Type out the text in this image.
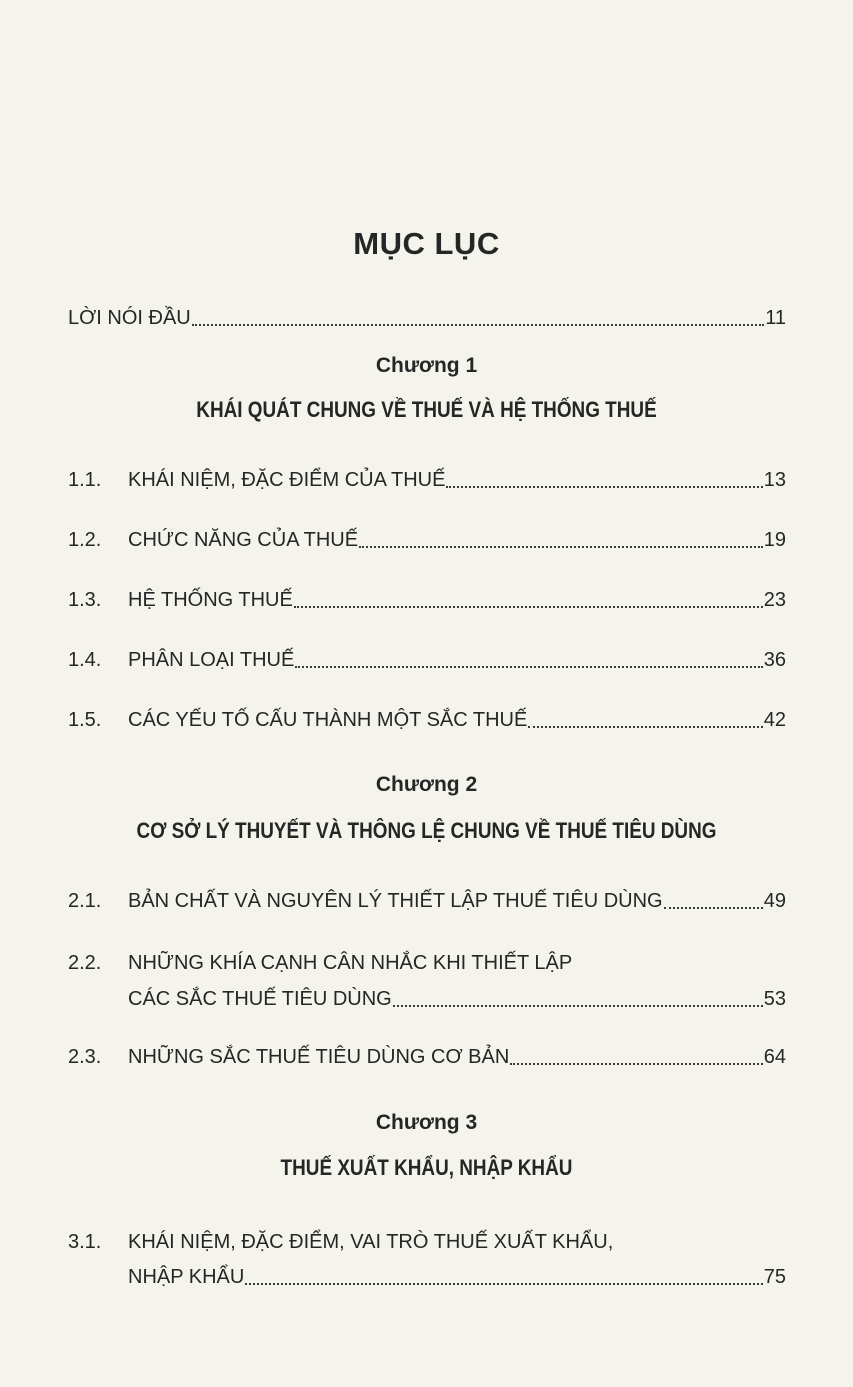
MỤC LỤC
LỜI NÓI ĐẦU	11
Chương 1
KHÁI QUÁT CHUNG VỀ THUẾ VÀ HỆ THỐNG THUẾ
1.1. KHÁI NIỆM, ĐẶC ĐIỂM CỦA THUẾ	13
1.2. CHỨC NĂNG CỦA THUẾ	19
1.3. HỆ THỐNG THUẾ	23
1.4. PHÂN LOẠI THUẾ	36
1.5. CÁC YẾU TỐ CẤU THÀNH MỘT SẮC THUẾ	42
Chương 2
CƠ SỞ LÝ THUYẾT VÀ THÔNG LỆ CHUNG VỀ THUẾ TIÊU DÙNG
2.1. BẢN CHẤT VÀ NGUYÊN LÝ THIẾT LẬP THUẾ TIÊU DÙNG	49
2.2. NHỮNG KHÍA CẠNH CÂN NHẮC KHI THIẾT LẬP
CÁC SẮC THUẾ TIÊU DÙNG	53
2.3. NHỮNG SẮC THUẾ TIÊU DÙNG CƠ BẢN	64
Chương 3
THUẾ XUẤT KHẨU, NHẬP KHẨU
3.1. KHÁI NIỆM, ĐẶC ĐIỂM, VAI TRÒ THUẾ XUẤT KHẨU,
NHẬP KHẨU	75
